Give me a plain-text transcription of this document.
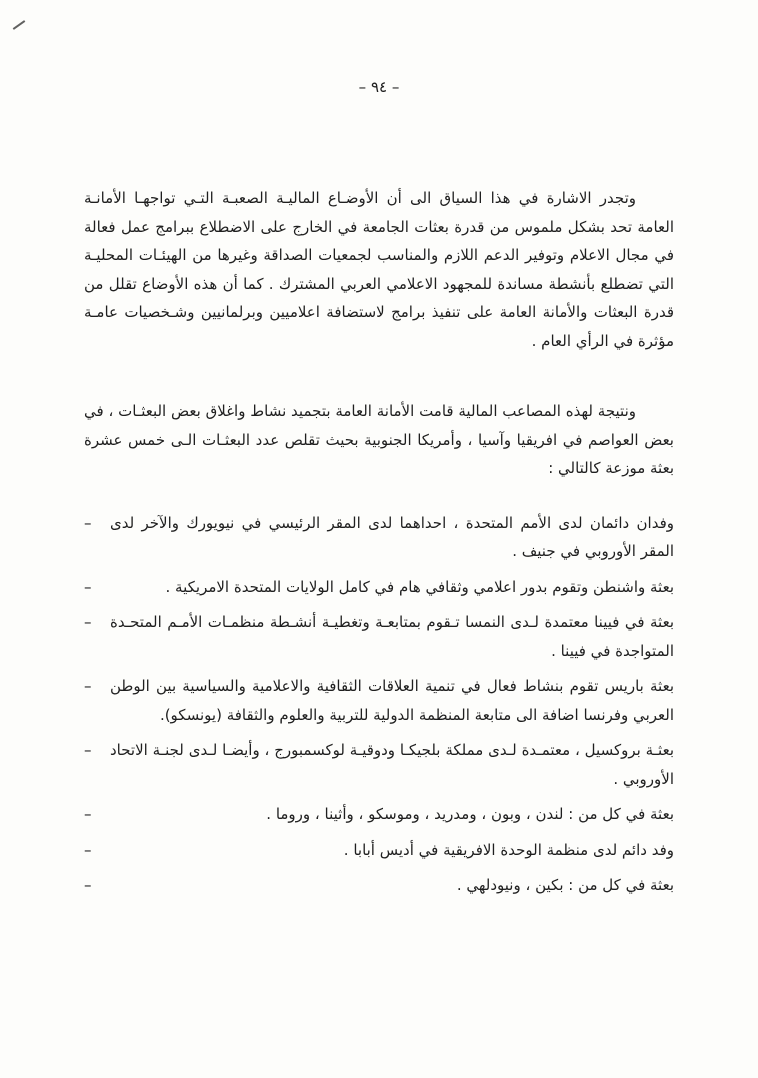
– ٩٤ –

وتجدر الاشارة في هذا السياق الى أن الأوضـاع الماليـة الصعبـة التـي تواجهـا الأمانـة العامة تحد بشكل ملموس من قدرة بعثات الجامعة في الخارج على الاضطلاع ببرامج عمل فعالة في مجال الاعلام وتوفير الدعم اللازم والمناسب لجمعيات الصداقة وغيرها من الهيئـات المحليـة التي تضطلع بأنشطة مساندة للمجهود الاعلامي العربي المشترك . كما أن هذه الأوضاع تقلل من قدرة البعثات والأمانة العامة على تنفيذ برامج لاستضافة اعلاميين وبرلمانيين وشـخصيات عامـة مؤثرة في الرأي العام .

ونتيجة لهذه المصاعب المالية قامت الأمانة العامة بتجميد نشاط واغلاق بعض البعثـات ، في بعض العواصم في افريقيا وآسيا ، وأمريكا الجنوبية بحيث تقلص عدد البعثـات الـى خمس عشرة بعثة موزعة كالتالي :

–	وفدان دائمان لدى الأمم المتحدة ، احداهما لدى المقر الرئيسي في نيويورك والآخر لدى المقر الأوروبي في جنيف .
–	بعثة واشنطن وتقوم بدور اعلامي وثقافي هام في كامل الولايات المتحدة الامريكية .
–	بعثة في فيينا معتمدة لـدى النمسا تـقوم بمتابعـة وتغطيـة أنشـطة منظمـات الأمـم المتحـدة المتواجدة في فيينا .
–	بعثة باريس تقوم بنشاط فعال في تنمية العلاقات الثقافية والاعلامية والسياسية بين الوطن العربي وفرنسا اضافة الى متابعة المنظمة الدولية للتربية والعلوم والثقافة (يونسكو).
–	بعثـة بروكسيل ، معتمـدة لـدى مملكة بلجيكـا ودوقيـة لوكسمبورج ، وأيضـا لـدى لجنـة الاتحاد الأوروبي .
–	بعثة في كل من : لندن ، وبون ، ومدريد ، وموسكو ، وأثينا ، وروما .
–	وفد دائم لدى منظمة الوحدة الافريقية في أديس أبابا .
–	بعثة في كل من : بكين ، ونيودلهي .
